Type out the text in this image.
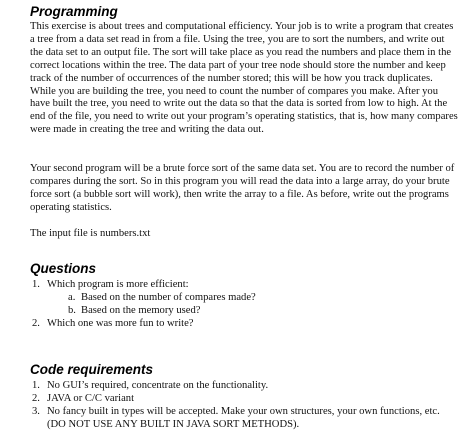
Programming

This exercise is about trees and computational efficiency. Your job is to write a program that creates a tree from a data set read in from a file. Using the tree, you are to sort the numbers, and write out the data set to an output file. The sort will take place as you read the numbers and place them in the correct locations within the tree. The data part of your tree node should store the number and keep track of the number of occurrences of the number stored; this will be how you track duplicates. While you are building the tree, you need to count the number of compares you make. After you have built the tree, you need to write out the data so that the data is sorted from low to high. At the end of the file, you need to write out your program’s operating statistics, that is, how many compares were made in creating the tree and writing the data out.

Your second program will be a brute force sort of the same data set. You are to record the number of compares during the sort. So in this program you will read the data into a large array, do your brute force sort (a bubble sort will work), then write the array to a file. As before, write out the programs operating statistics.

The input file is numbers.txt

Questions
1. Which program is more efficient:
a. Based on the number of compares made?
b. Based on the memory used?
2. Which one was more fun to write?
Code requirements
1. No GUI’s required, concentrate on the functionality.
2. JAVA or C/C variant
3. No fancy built in types will be accepted. Make your own structures, your own functions, etc. (DO NOT USE ANY BUILT IN JAVA SORT METHODS).
